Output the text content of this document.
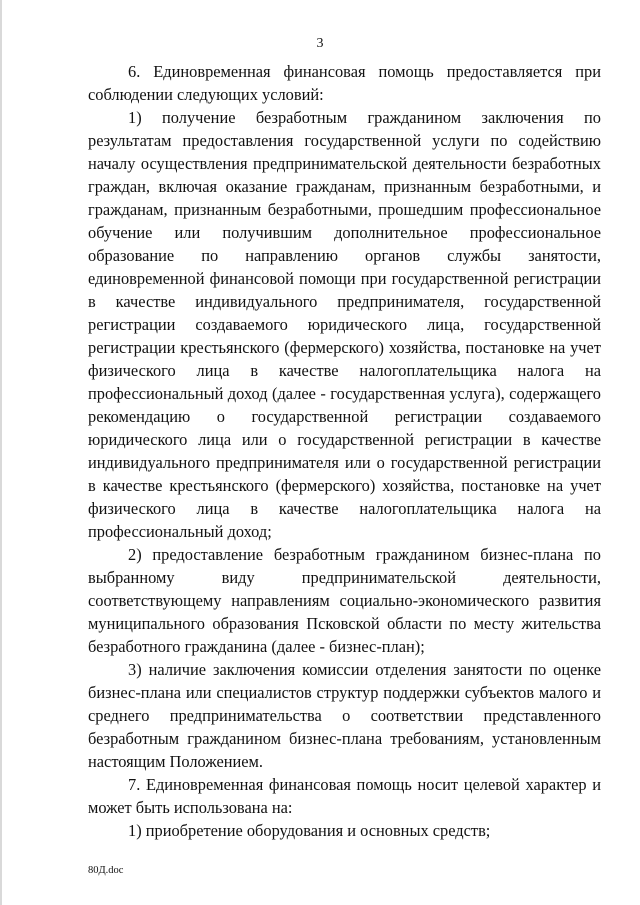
3

6. Единовременная финансовая помощь предоставляется при соблюдении следующих условий:

1) получение безработным гражданином заключения по результатам предоставления государственной услуги по содействию началу осуществления предпринимательской деятельности безработных граждан, включая оказание гражданам, признанным безработными, и гражданам, признанным безработными, прошедшим профессиональное обучение или получившим дополнительное профессиональное образование по направлению органов службы занятости, единовременной финансовой помощи при государственной регистрации в качестве индивидуального предпринимателя, государственной регистрации создаваемого юридического лица, государственной регистрации крестьянского (фермерского) хозяйства, постановке на учет физического лица в качестве налогоплательщика налога на профессиональный доход (далее - государственная услуга), содержащего рекомендацию о государственной регистрации создаваемого юридического лица или о государственной регистрации в качестве индивидуального предпринимателя или о государственной регистрации в качестве крестьянского (фермерского) хозяйства, постановке на учет физического лица в качестве налогоплательщика налога на профессиональный доход;

2) предоставление безработным гражданином бизнес-плана по выбранному виду предпринимательской деятельности, соответствующему направлениям социально-экономического развития муниципального образования Псковской области по месту жительства безработного гражданина (далее - бизнес-план);

3) наличие заключения комиссии отделения занятости по оценке бизнес-плана или специалистов структур поддержки субъектов малого и среднего предпринимательства о соответствии представленного безработным гражданином бизнес-плана требованиям, установленным настоящим Положением.

7. Единовременная финансовая помощь носит целевой характер и может быть использована на:

1) приобретение оборудования и основных средств;

80Д.doc
